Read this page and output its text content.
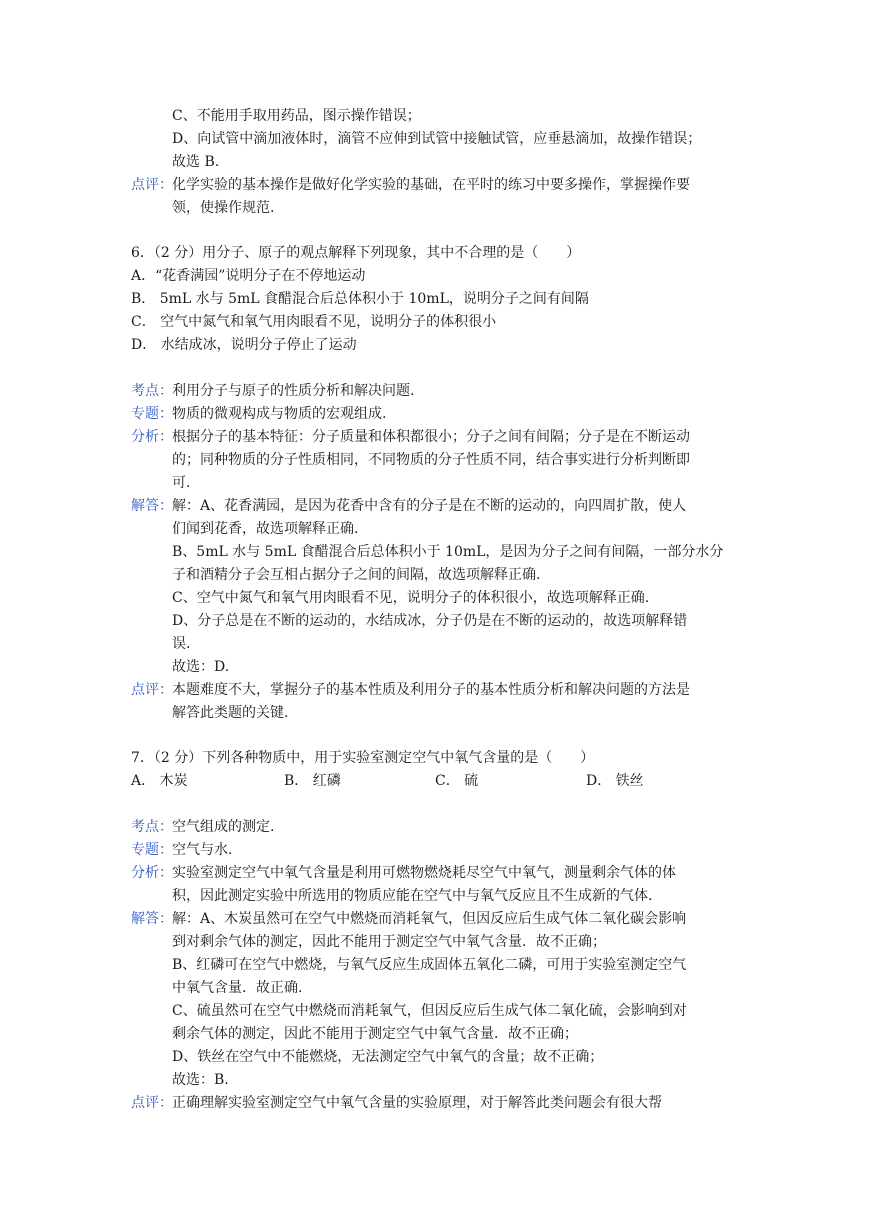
C、不能用手取用药品，图示操作错误；
D、向试管中滴加液体时，滴管不应伸到试管中接触试管，应垂悬滴加，故操作错误；
故选 B.
点评： 化学实验的基本操作是做好化学实验的基础，在平时的练习中要多操作，掌握操作要
领，使操作规范.
6．（2 分）用分子、原子的观点解释下列现象，其中不合理的是（　　）
A．“花香满园”说明分子在不停地运动
B． 5mL 水与 5mL 食醋混合后总体积小于 10mL，说明分子之间有间隔
C． 空气中氮气和氧气用肉眼看不见，说明分子的体积很小
D． 水结成冰，说明分子停止了运动
考点： 利用分子与原子的性质分析和解决问题.
专题： 物质的微观构成与物质的宏观组成.
分析： 根据分子的基本特征：分子质量和体积都很小；分子之间有间隔；分子是在不断运动
的；同种物质的分子性质相同，不同物质的分子性质不同，结合事实进行分析判断即
可.
解答： 解：A、花香满园，是因为花香中含有的分子是在不断的运动的，向四周扩散，使人
们闻到花香，故选项解释正确.
B、5mL 水与 5mL 食醋混合后总体积小于 10mL，是因为分子之间有间隔，一部分水分
子和酒精分子会互相占据分子之间的间隔，故选项解释正确.
C、空气中氮气和氧气用肉眼看不见，说明分子的体积很小，故选项解释正确.
D、分子总是在不断的运动的，水结成冰，分子仍是在不断的运动的，故选项解释错
误.
故选：D.
点评： 本题难度不大，掌握分子的基本性质及利用分子的基本性质分析和解决问题的方法是
解答此类题的关键.
7．（2 分）下列各种物质中，用于实验室测定空气中氧气含量的是（　　）
A． 木炭	B． 红磷	C． 硫	D． 铁丝
考点： 空气组成的测定.
专题： 空气与水.
分析： 实验室测定空气中氧气含量是利用可燃物燃烧耗尽空气中氧气，测量剩余气体的体
积，因此测定实验中所选用的物质应能在空气中与氧气反应且不生成新的气体.
解答： 解：A、木炭虽然可在空气中燃烧而消耗氧气，但因反应后生成气体二氧化碳会影响
到对剩余气体的测定，因此不能用于测定空气中氧气含量．故不正确；
B、红磷可在空气中燃烧，与氧气反应生成固体五氧化二磷，可用于实验室测定空气
中氧气含量．故正确.
C、硫虽然可在空气中燃烧而消耗氧气，但因反应后生成气体二氧化硫，会影响到对
剩余气体的测定，因此不能用于测定空气中氧气含量．故不正确；
D、铁丝在空气中不能燃烧，无法测定空气中氧气的含量；故不正确；
故选：B.
点评： 正确理解实验室测定空气中氧气含量的实验原理，对于解答此类问题会有很大帮
